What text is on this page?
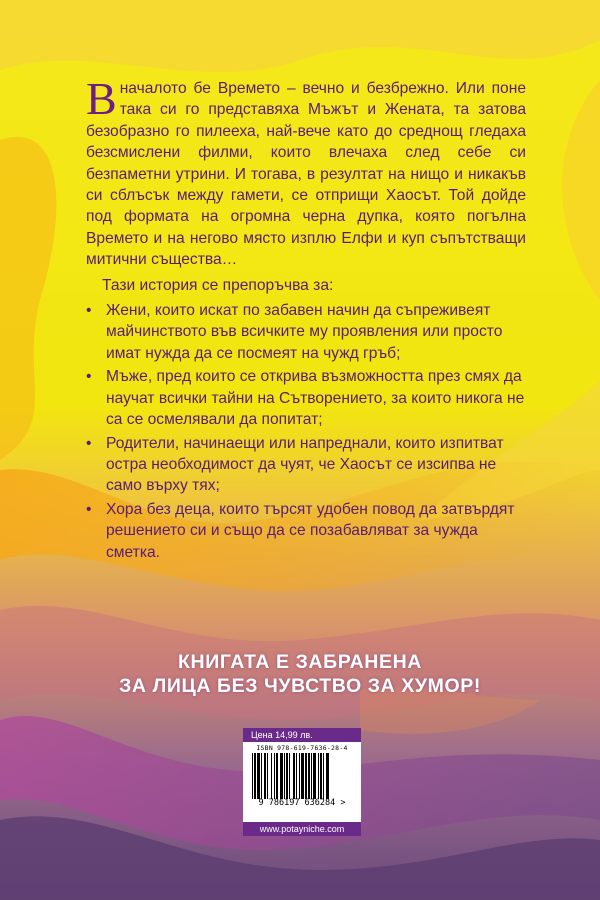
Вначалото бе Времето – вечно и безбрежно. Или поне така си го представяха Мъжът и Жената, та затова безобразно го пилееха, най-вече като до среднощ гледаха безсмислени филми, които влечаха след себе си безпаметни утрини. И тогава, в резултат на нищо и никакъв си сблъсък между гамети, се отприщи Хаосът. Той дойде под формата на огромна черна дупка, която погълна Времето и на негово място изплю Елфи и куп съпътстващи митични същества…

Тази история се препоръчва за:

• Жени, които искат по забавен начин да съпреживеят майчинството във всичките му проявления или просто имат нужда да се посмеят на чужд гръб;
• Мъже, пред които се открива възможността през смях да научат всички тайни на Сътворението, за които никога не са се осмелявали да попитат;
• Родители, начинаещи или напреднали, които изпитват остра необходимост да чуят, че Хаосът се изсипва не само върху тях;
• Хора без деца, които търсят удобен повод да затвърдят решението си и също да се позабавляват за чужда сметка.
КНИГАТА Е ЗАБРАНЕНА
ЗА ЛИЦА БЕЗ ЧУВСТВО ЗА ХУМОР!
Цена 14,99 лв.
ISBN 978-619-7636-28-4
9 786197 636284 >
www.potayniche.com
